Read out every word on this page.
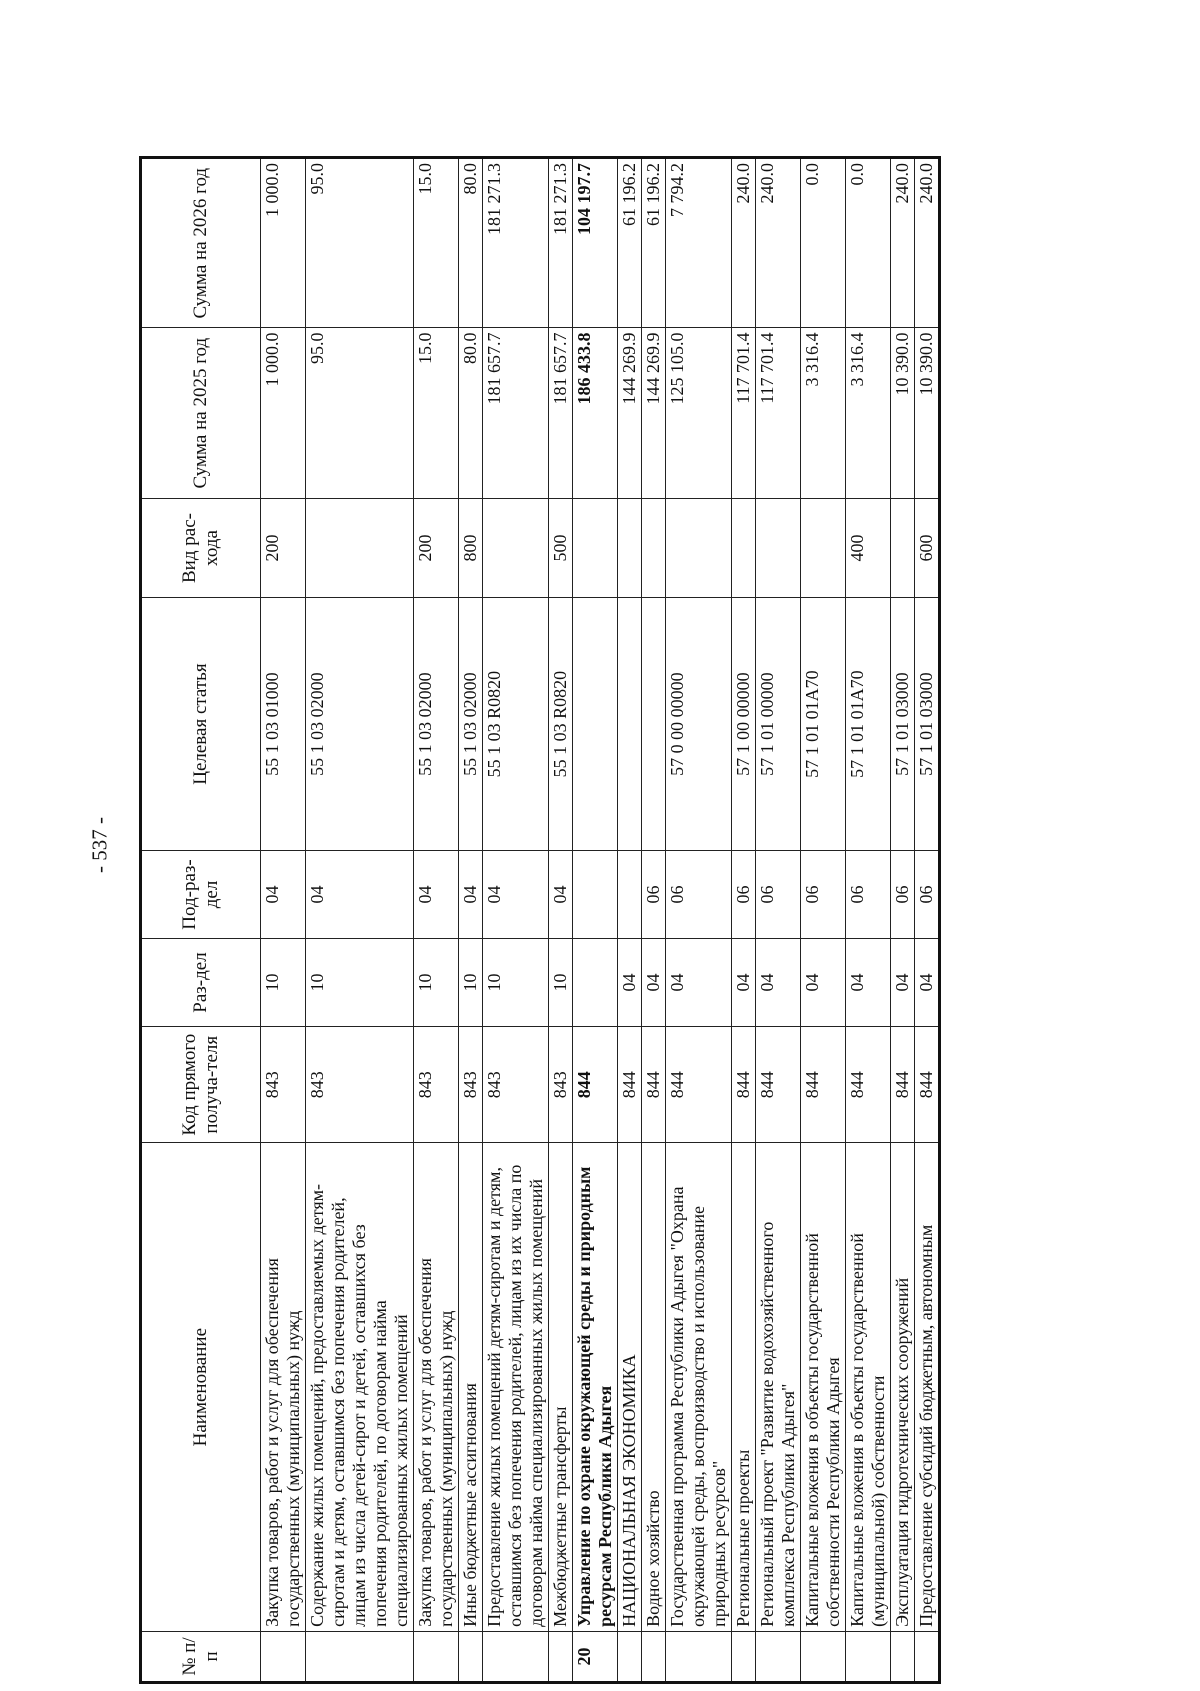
- 537 -
№ п/п	Наименование	Код прямого получа-теля	Раз-дел	Под-раз-дел	Целевая статья	Вид рас-хода	Сумма на 2025 год	Сумма на 2026 год
	Закупка товаров, работ и услуг для обеспечения государственных (муниципальных) нужд	843	10	04	55 1 03 01000	200	1 000.0	1 000.0
	Содержание жилых помещений, предоставляемых детям-сиротам и детям, оставшимся без попечения родителей, лицам из числа детей-сирот и детей, оставшихся без попечения родителей, по договорам найма специализированных жилых помещений	843	10	04	55 1 03 02000		95.0	95.0
	Закупка товаров, работ и услуг для обеспечения государственных (муниципальных) нужд	843	10	04	55 1 03 02000	200	15.0	15.0
	Иные бюджетные ассигнования	843	10	04	55 1 03 02000	800	80.0	80.0
	Предоставление жилых помещений детям-сиротам и детям, оставшимся без попечения родителей, лицам из их числа по договорам найма специализированных жилых помещений	843	10	04	55 1 03 R0820		181 657.7	181 271.3
	Межбюджетные трансферты	843	10	04	55 1 03 R0820	500	181 657.7	181 271.3
20	Управление по охране окружающей среды и природным ресурсам Республики Адыгея	844					186 433.8	104 197.7
	НАЦИОНАЛЬНАЯ ЭКОНОМИКА	844	04				144 269.9	61 196.2
	Водное хозяйство	844	04	06			144 269.9	61 196.2
	Государственная программа Республики Адыгея "Охрана окружающей среды, воспроизводство и использование природных ресурсов"	844	04	06	57 0 00 00000		125 105.0	7 794.2
	Региональные проекты	844	04	06	57 1 00 00000		117 701.4	240.0
	Региональный проект "Развитие водохозяйственного комплекса Республики Адыгея"	844	04	06	57 1 01 00000		117 701.4	240.0
	Капитальные вложения в объекты государственной собственности Республики Адыгея	844	04	06	57 1 01 01A70		3 316.4	0.0
	Капитальные вложения в объекты государственной (муниципальной) собственности	844	04	06	57 1 01 01A70	400	3 316.4	0.0
	Эксплуатация гидротехнических сооружений	844	04	06	57 1 01 03000		10 390.0	240.0
	Предоставление субсидий бюджетным, автономным	844	04	06	57 1 01 03000	600	10 390.0	240.0
